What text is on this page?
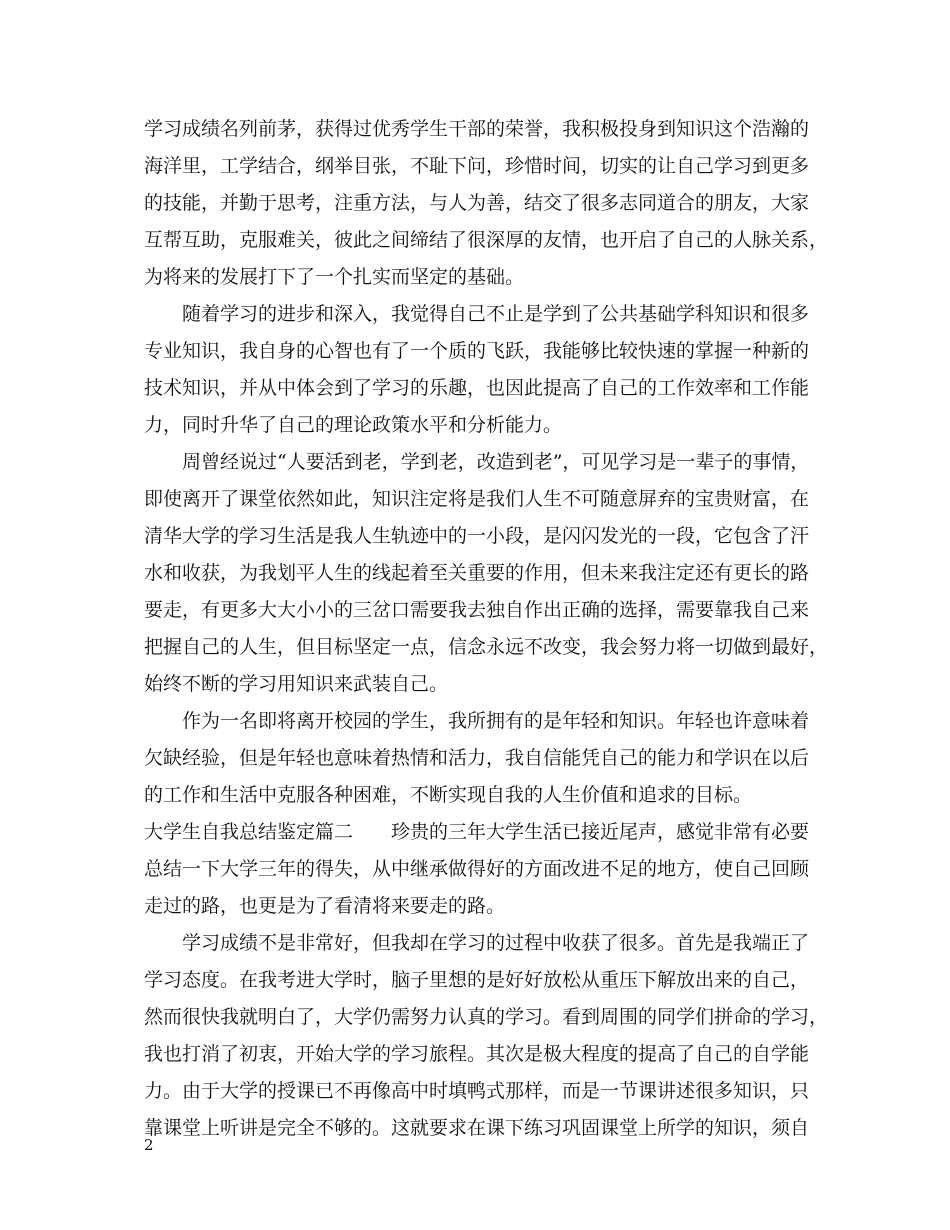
学习成绩名列前茅，获得过优秀学生干部的荣誉，我积极投身到知识这个浩瀚的
海洋里，工学结合，纲举目张，不耻下问，珍惜时间，切实的让自己学习到更多
的技能，并勤于思考，注重方法，与人为善，结交了很多志同道合的朋友，大家
互帮互助，克服难关，彼此之间缔结了很深厚的友情，也开启了自己的人脉关系，
为将来的发展打下了一个扎实而坚定的基础。
随着学习的进步和深入，我觉得自己不止是学到了公共基础学科知识和很多
专业知识，我自身的心智也有了一个质的飞跃，我能够比较快速的掌握一种新的
技术知识，并从中体会到了学习的乐趣，也因此提高了自己的工作效率和工作能
力，同时升华了自己的理论政策水平和分析能力。
周曾经说过“人要活到老，学到老，改造到老”，可见学习是一辈子的事情，
即使离开了课堂依然如此，知识注定将是我们人生不可随意屏弃的宝贵财富，在
清华大学的学习生活是我人生轨迹中的一小段，是闪闪发光的一段，它包含了汗
水和收获，为我划平人生的线起着至关重要的作用，但未来我注定还有更长的路
要走，有更多大大小小的三岔口需要我去独自作出正确的选择，需要靠我自己来
把握自己的人生，但目标坚定一点，信念永远不改变，我会努力将一切做到最好，
始终不断的学习用知识来武装自己。
作为一名即将离开校园的学生，我所拥有的是年轻和知识。年轻也许意味着
欠缺经验，但是年轻也意味着热情和活力，我自信能凭自己的能力和学识在以后
的工作和生活中克服各种困难，不断实现自我的人生价值和追求的目标。
大学生自我总结鉴定篇二　　珍贵的三年大学生活已接近尾声，感觉非常有必要
总结一下大学三年的得失，从中继承做得好的方面改进不足的地方，使自己回顾
走过的路，也更是为了看清将来要走的路。
学习成绩不是非常好，但我却在学习的过程中收获了很多。首先是我端正了
学习态度。在我考进大学时，脑子里想的是好好放松从重压下解放出来的自己，
然而很快我就明白了，大学仍需努力认真的学习。看到周围的同学们拼命的学习，
我也打消了初衷，开始大学的学习旅程。其次是极大程度的提高了自己的自学能
力。由于大学的授课已不再像高中时填鸭式那样，而是一节课讲述很多知识，只
靠课堂上听讲是完全不够的。这就要求在课下练习巩固课堂上所学的知识，须自
2
